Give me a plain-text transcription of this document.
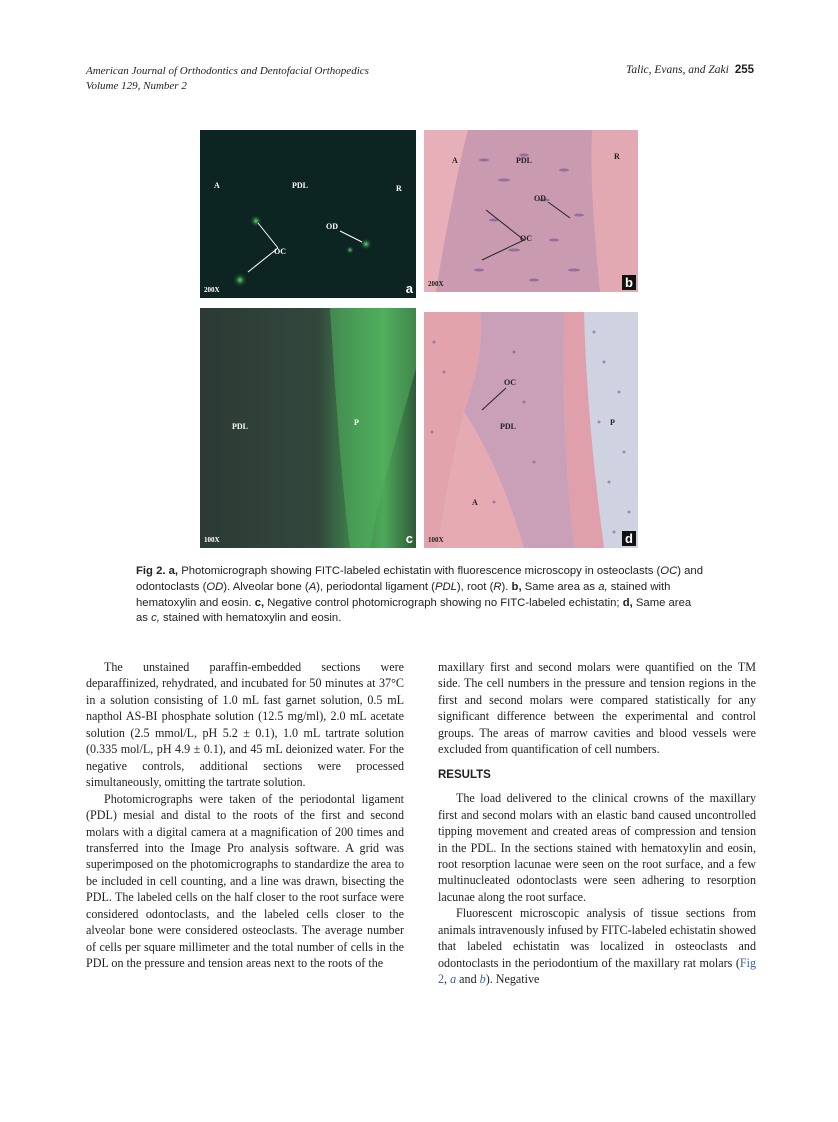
American Journal of Orthodontics and Dentofacial Orthopedics
Volume 129, Number 2
Talic, Evans, and Zaki 255
A	PDL	R
OD
OC
200X	a
A	PDL	R
OD
OC
200X	b
PDL	P
100X	c
OC
PDL	P
A
100X	d
Fig 2. a, Photomicrograph showing FITC-labeled echistatin with fluorescence microscopy in osteoclasts (OC) and odontoclasts (OD). Alveolar bone (A), periodontal ligament (PDL), root (R). b, Same area as a, stained with hematoxylin and eosin. c, Negative control photomicrograph showing no FITC-labeled echistatin; d, Same area as c, stained with hematoxylin and eosin.

The unstained paraffin-embedded sections were deparaffinized, rehydrated, and incubated for 50 minutes at 37°C in a solution consisting of 1.0 mL fast garnet solution, 0.5 mL napthol AS-BI phosphate solution (12.5 mg/ml), 2.0 mL acetate solution (2.5 mmol/L, pH 5.2 ± 0.1), 1.0 mL tartrate solution (0.335 mol/L, pH 4.9 ± 0.1), and 45 mL deionized water. For the negative controls, additional sections were processed simultaneously, omitting the tartrate solution.

Photomicrographs were taken of the periodontal ligament (PDL) mesial and distal to the roots of the first and second molars with a digital camera at a magnification of 200 times and transferred into the Image Pro analysis software. A grid was superimposed on the photomicrographs to standardize the area to be included in cell counting, and a line was drawn, bisecting the PDL. The labeled cells on the half closer to the root surface were considered odontoclasts, and the labeled cells closer to the alveolar bone were considered osteoclasts. The average number of cells per square millimeter and the total number of cells in the PDL on the pressure and tension areas next to the roots of the

maxillary first and second molars were quantified on the TM side. The cell numbers in the pressure and tension regions in the first and second molars were compared statistically for any significant difference between the experimental and control groups. The areas of marrow cavities and blood vessels were excluded from quantification of cell numbers.

RESULTS

The load delivered to the clinical crowns of the maxillary first and second molars with an elastic band caused uncontrolled tipping movement and created areas of compression and tension in the PDL. In the sections stained with hematoxylin and eosin, root resorption lacunae were seen on the root surface, and a few multinucleated odontoclasts were seen adhering to resorption lacunae along the root surface.

Fluorescent microscopic analysis of tissue sections from animals intravenously infused by FITC-labeled echistatin showed that labeled echistatin was localized in osteoclasts and odontoclasts in the periodontium of the maxillary rat molars (Fig 2, a and b). Negative
